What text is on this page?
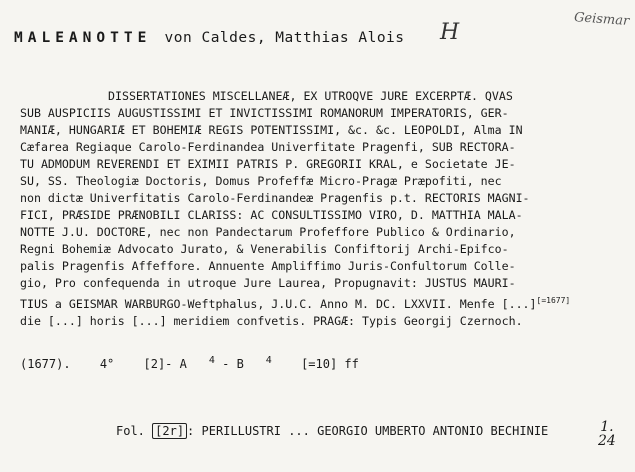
MALEANOTTE von Caldes, Matthias Alois H
Geismar
DISSERTATIONES MISCELLANEÆ, EX UTROQVE JURE EXCERPTÆ. QVAS
SUB AUSPICIIS AUGUSTISSIMI ET INVICTISSIMI ROMANORUM IMPERATORIS, GER-
MANIÆ, HUNGARIÆ ET BOHEMIÆ REGIS POTENTISSIMI, &c. &c. LEOPOLDI, Alma IN
Cæfarea Regiaque Carolo-Ferdinandea Univerfitate Pragenfi, SUB RECTORA-
TU ADMODUM REVERENDI ET EXIMII PATRIS P. GREGORII KRAL, e Societate JE-
SU, SS. Theologiæ Doctoris, Domus Profeffæ Micro-Pragæ Præpofiti, nec
non dictæ Univerfitatis Carolo-Ferdinandeæ Pragenfis p.t. RECTORIS MAGNI-
FICI, PRÆSIDE PRÆNOBILI CLARISS: AC CONSULTISSIMO VIRO, D. MATTHIA MALA-
NOTTE J.U. DOCTORE, nec non Pandectarum Profeffore Publico & Ordinario,
Regni Bohemiæ Advocato Jurato, & Venerabilis Confiftorij Archi-Epifco-
palis Pragenfis Affeffore. Annuente Ampliffimo Juris-Confultorum Colle-
gio, Pro confequenda in utroque Jure Laurea, Propugnavit: JUSTUS MAURI-
TIUS a GEISMAR WARBURGO-Weftphalus, J.U.C. Anno M. DC. LXXVII. Menfe [...][=1677]
die [...] horis [...] meridiem confvetis. PRAGÆ: Typis Georgij Czernoch.
(1677). 4° [2]- A $^4$ - B $^4$ [=10] ff
Fol. [2r] : PERILLUSTRI ... GEORGIO UMBERTO ANTONIO BECHINIE	1.
24
